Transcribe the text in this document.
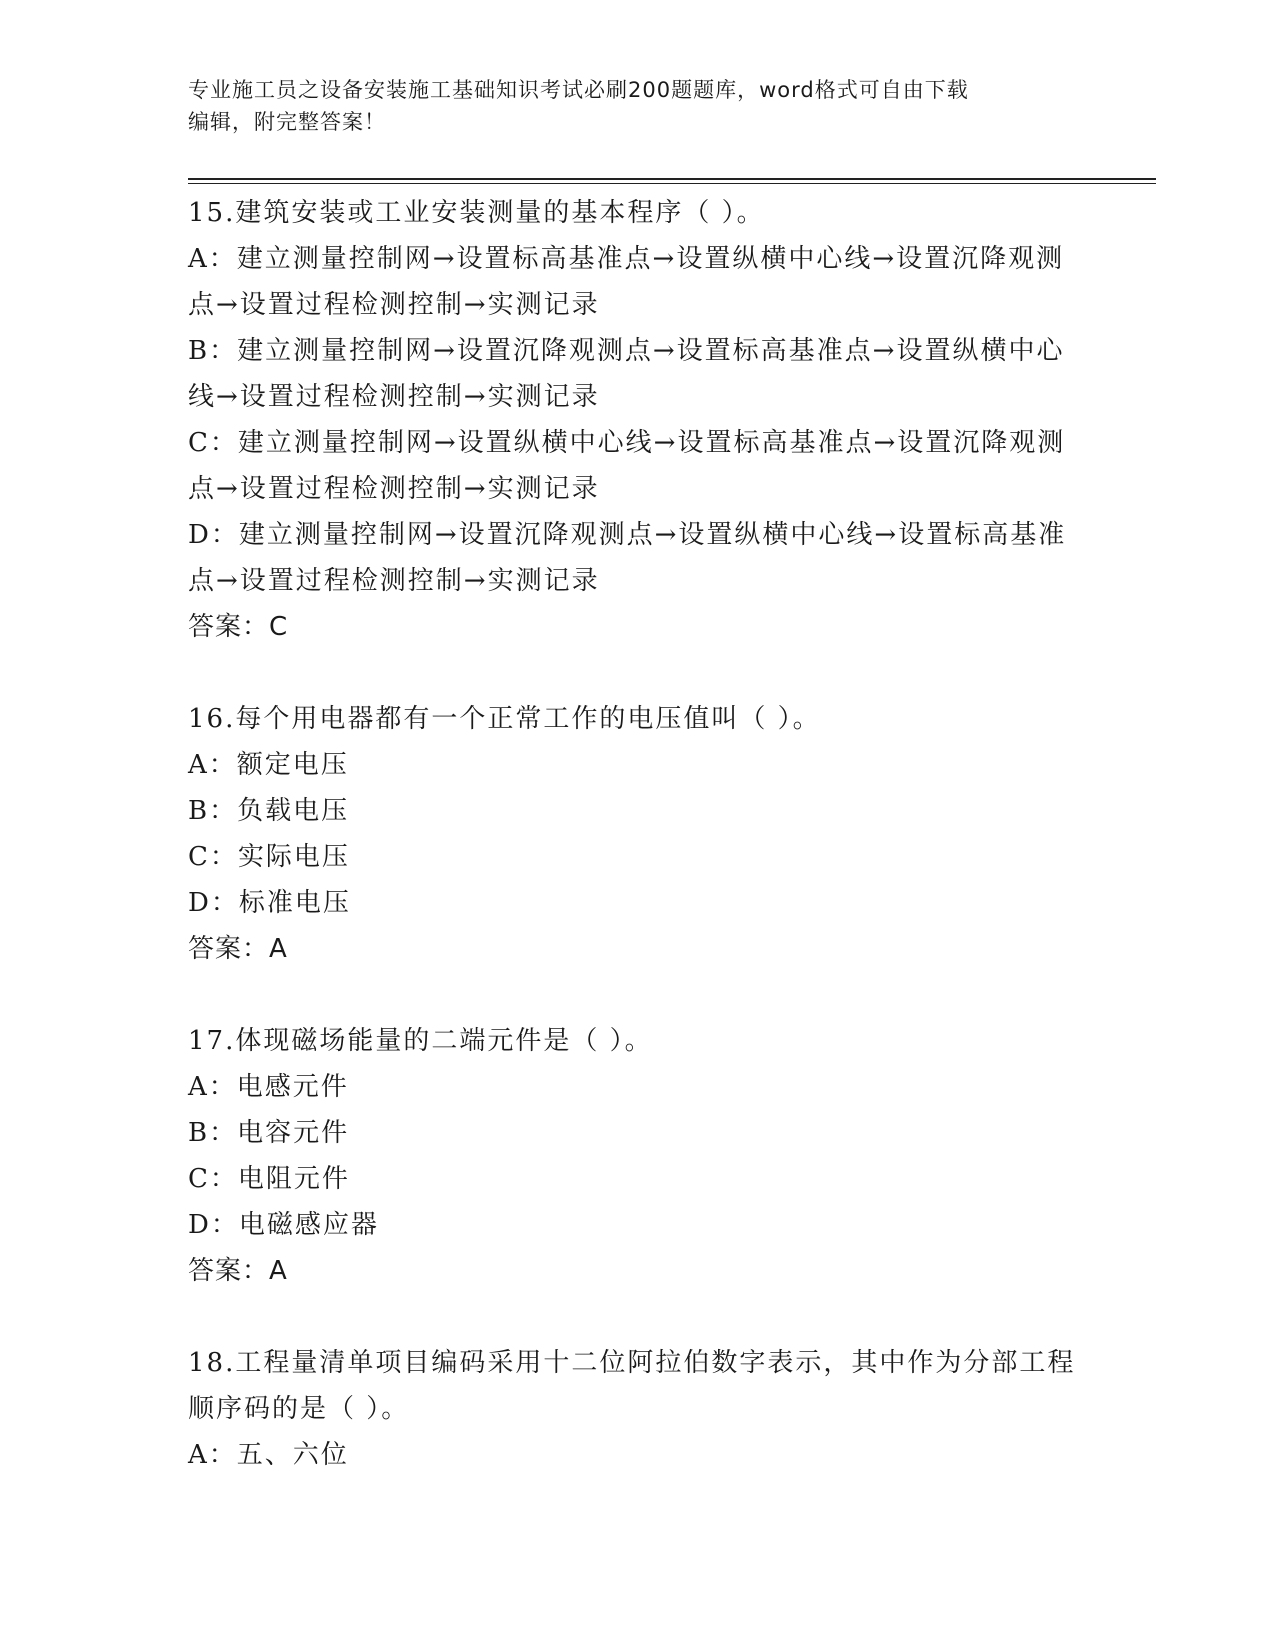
专业施工员之设备安装施工基础知识考试必刷200题题库，word格式可自由下载
编辑，附完整答案！
15.建筑安装或工业安装测量的基本程序（ ）。
A：建立测量控制网→设置标高基准点→设置纵横中心线→设置沉降观测点→设置过程检测控制→实测记录
B：建立测量控制网→设置沉降观测点→设置标高基准点→设置纵横中心线→设置过程检测控制→实测记录
C：建立测量控制网→设置纵横中心线→设置标高基准点→设置沉降观测点→设置过程检测控制→实测记录
D：建立测量控制网→设置沉降观测点→设置纵横中心线→设置标高基准点→设置过程检测控制→实测记录
答案：C
16.每个用电器都有一个正常工作的电压值叫（ ）。
A：额定电压
B：负载电压
C：实际电压
D：标准电压
答案：A
17.体现磁场能量的二端元件是（ ）。
A：电感元件
B：电容元件
C：电阻元件
D：电磁感应器
答案：A
18.工程量清单项目编码采用十二位阿拉伯数字表示，其中作为分部工程顺序码的是（ ）。
A：五、六位
